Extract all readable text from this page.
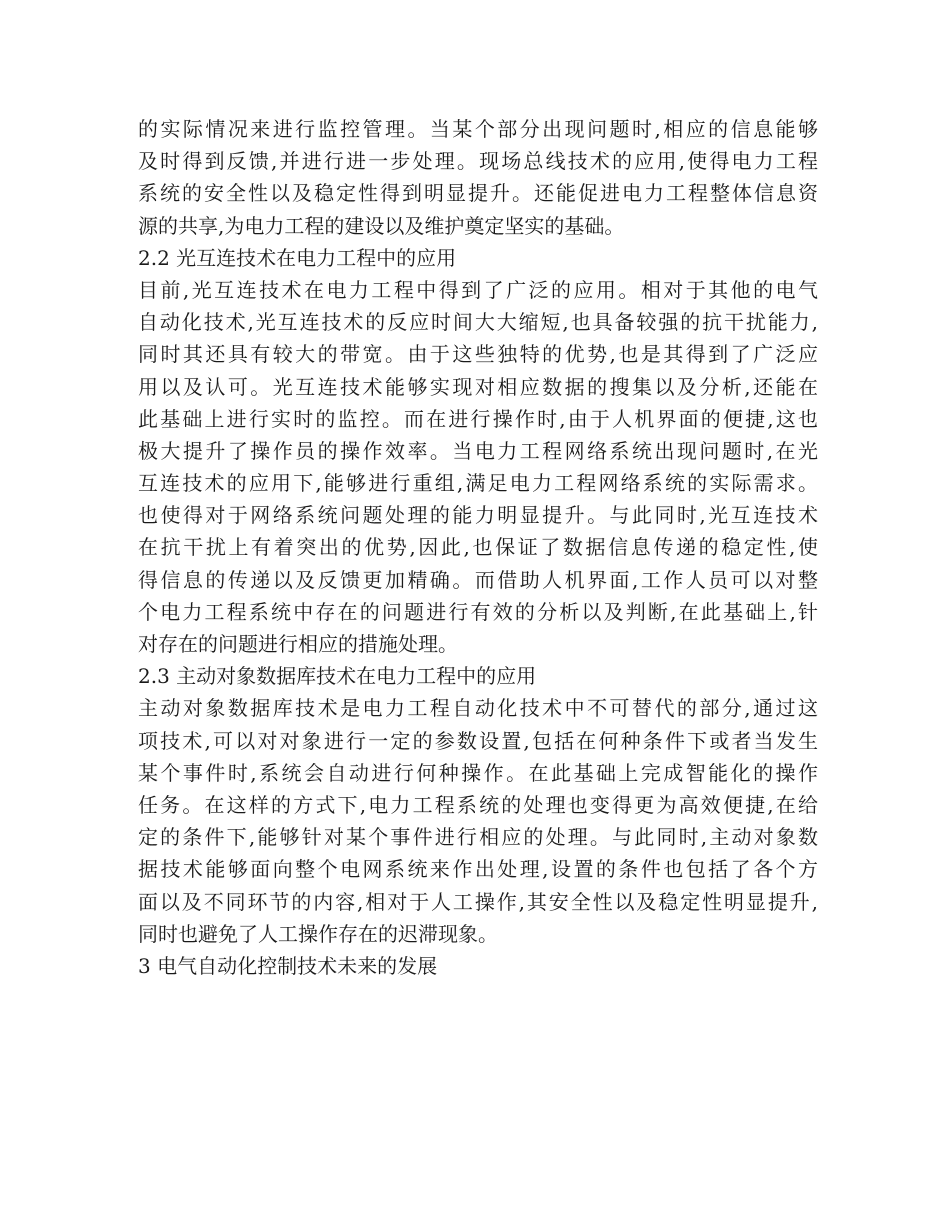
的实际情况来进行监控管理。当某个部分出现问题时,相应的信息能够
及时得到反馈,并进行进一步处理。现场总线技术的应用,使得电力工程
系统的安全性以及稳定性得到明显提升。还能促进电力工程整体信息资
源的共享,为电力工程的建设以及维护奠定坚实的基础。
2.2 光互连技术在电力工程中的应用
目前,光互连技术在电力工程中得到了广泛的应用。相对于其他的电气
自动化技术,光互连技术的反应时间大大缩短,也具备较强的抗干扰能力,
同时其还具有较大的带宽。由于这些独特的优势,也是其得到了广泛应
用以及认可。光互连技术能够实现对相应数据的搜集以及分析,还能在
此基础上进行实时的监控。而在进行操作时,由于人机界面的便捷,这也
极大提升了操作员的操作效率。当电力工程网络系统出现问题时,在光
互连技术的应用下,能够进行重组,满足电力工程网络系统的实际需求。
也使得对于网络系统问题处理的能力明显提升。与此同时,光互连技术
在抗干扰上有着突出的优势,因此,也保证了数据信息传递的稳定性,使
得信息的传递以及反馈更加精确。而借助人机界面,工作人员可以对整
个电力工程系统中存在的问题进行有效的分析以及判断,在此基础上,针
对存在的问题进行相应的措施处理。
2.3 主动对象数据库技术在电力工程中的应用
主动对象数据库技术是电力工程自动化技术中不可替代的部分,通过这
项技术,可以对对象进行一定的参数设置,包括在何种条件下或者当发生
某个事件时,系统会自动进行何种操作。在此基础上完成智能化的操作
任务。在这样的方式下,电力工程系统的处理也变得更为高效便捷,在给
定的条件下,能够针对某个事件进行相应的处理。与此同时,主动对象数
据技术能够面向整个电网系统来作出处理,设置的条件也包括了各个方
面以及不同环节的内容,相对于人工操作,其安全性以及稳定性明显提升,
同时也避免了人工操作存在的迟滞现象。
3 电气自动化控制技术未来的发展
